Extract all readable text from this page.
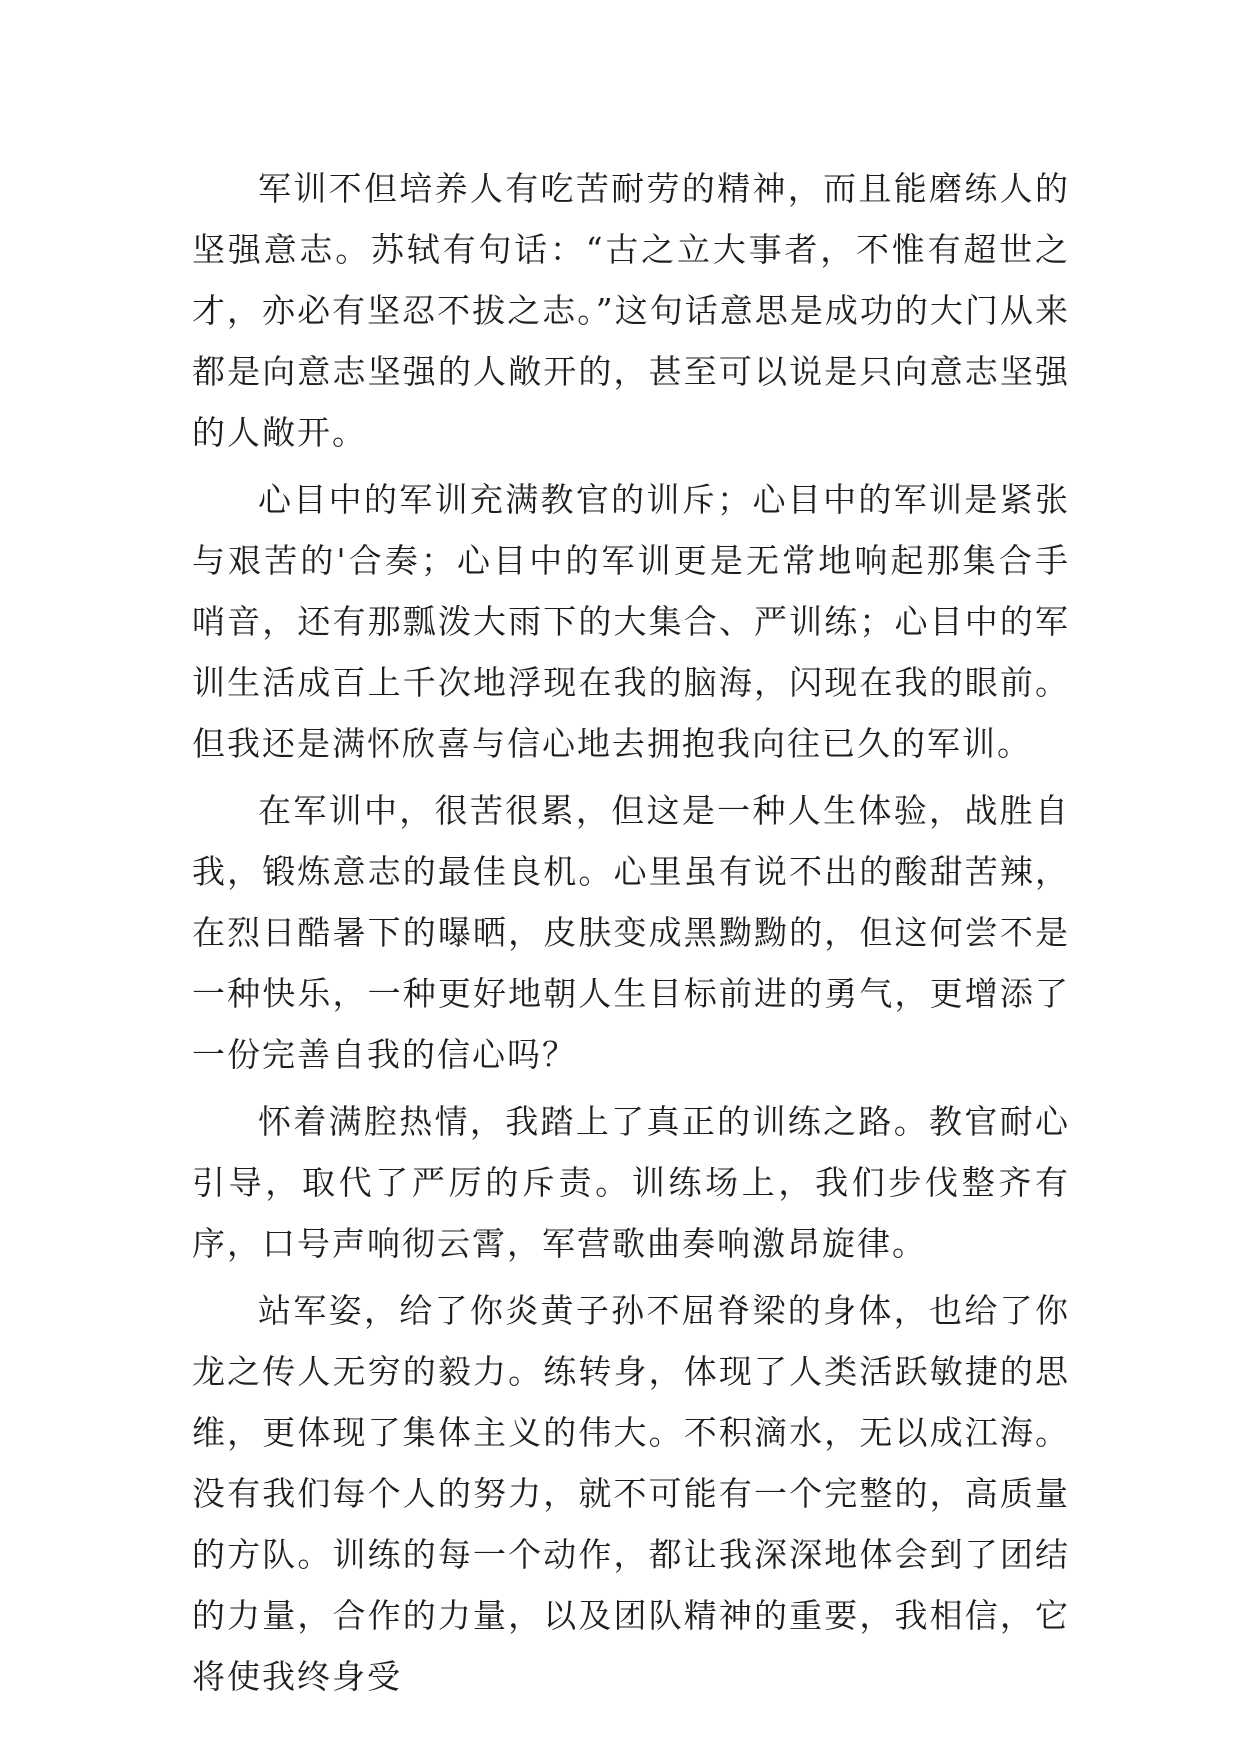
军训不但培养人有吃苦耐劳的精神，而且能磨练人的坚强意志。苏轼有句话：“古之立大事者，不惟有超世之才，亦必有坚忍不拔之志。”这句话意思是成功的大门从来都是向意志坚强的人敞开的，甚至可以说是只向意志坚强的人敞开。

心目中的军训充满教官的训斥；心目中的军训是紧张与艰苦的'合奏；心目中的军训更是无常地响起那集合手哨音，还有那瓢泼大雨下的大集合、严训练；心目中的军训生活成百上千次地浮现在我的脑海，闪现在我的眼前。但我还是满怀欣喜与信心地去拥抱我向往已久的军训。

在军训中，很苦很累，但这是一种人生体验，战胜自我，锻炼意志的最佳良机。心里虽有说不出的酸甜苦辣，在烈日酷暑下的曝晒，皮肤变成黑黝黝的，但这何尝不是一种快乐，一种更好地朝人生目标前进的勇气，更增添了一份完善自我的信心吗？

怀着满腔热情，我踏上了真正的训练之路。教官耐心引导，取代了严厉的斥责。训练场上，我们步伐整齐有序，口号声响彻云霄，军营歌曲奏响激昂旋律。

站军姿，给了你炎黄子孙不屈脊梁的身体，也给了你龙之传人无穷的毅力。练转身，体现了人类活跃敏捷的思维，更体现了集体主义的伟大。不积滴水，无以成江海。没有我们每个人的努力，就不可能有一个完整的，高质量的方队。训练的每一个动作，都让我深深地体会到了团结的力量，合作的力量，以及团队精神的重要，我相信，它将使我终身受
